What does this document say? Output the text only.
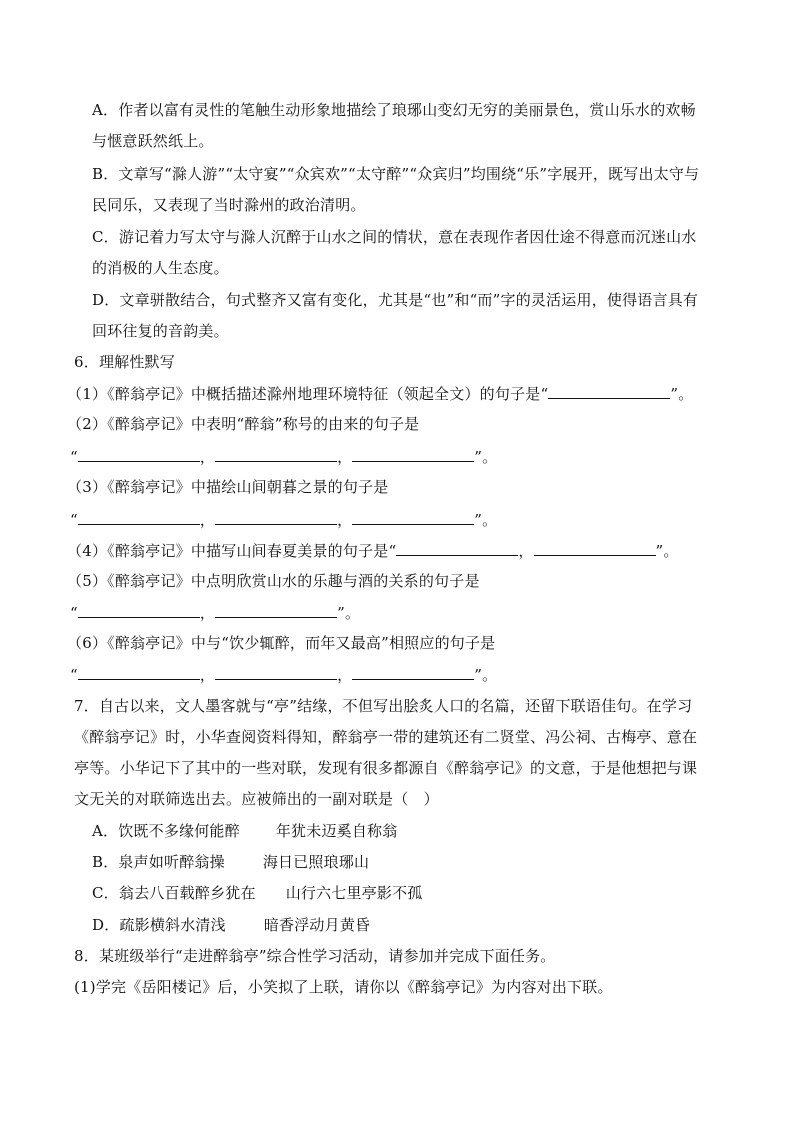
A．作者以富有灵性的笔触生动形象地描绘了琅琊山变幻无穷的美丽景色，赏山乐水的欢畅
与惬意跃然纸上。
B．文章写“滁人游”“太守宴”“众宾欢”“太守醉”“众宾归”均围绕“乐”字展开，既写出太守与
民同乐，又表现了当时滁州的政治清明。
C．游记着力写太守与滁人沉醉于山水之间的情状，意在表现作者因仕途不得意而沉迷山水
的消极的人生态度。
D．文章骈散结合，句式整齐又富有变化，尤其是“也”和“而”字的灵活运用，使得语言具有
回环往复的音韵美。
6．理解性默写
（1）《醉翁亭记》中概括描述滁州地理环境特征（领起全文）的句子是“	”。
（2）《醉翁亭记》中表明“醉翁”称号的由来的句子是
“	，	，	”。
（3）《醉翁亭记》中描绘山间朝暮之景的句子是
“	，	，	”。
（4）《醉翁亭记》中描写山间春夏美景的句子是“	，	”。
（5）《醉翁亭记》中点明欣赏山水的乐趣与酒的关系的句子是
“	，	”。
（6）《醉翁亭记》中与“饮少辄醉，而年又最高”相照应的句子是
“	，	，	”。
7．自古以来，文人墨客就与“亭”结缘，不但写出脍炙人口的名篇，还留下联语佳句。在学习
《醉翁亭记》时，小华查阅资料得知，醉翁亭一带的建筑还有二贤堂、冯公祠、古梅亭、意在
亭等。小华记下了其中的一些对联，发现有很多都源自《醉翁亭记》的文意，于是他想把与课
文无关的对联筛选出去。应被筛出的一副对联是（　）
A．饮既不多缘何能醉 年犹未迈奚自称翁
B．泉声如听醉翁操	海日已照琅琊山
C．翁去八百载醉乡犹在 山行六七里亭影不孤
D．疏影横斜水清浅	暗香浮动月黄昏
8．某班级举行“走进醉翁亭”综合性学习活动，请参加并完成下面任务。
(1)学完《岳阳楼记》后，小笑拟了上联，请你以《醉翁亭记》为内容对出下联。
